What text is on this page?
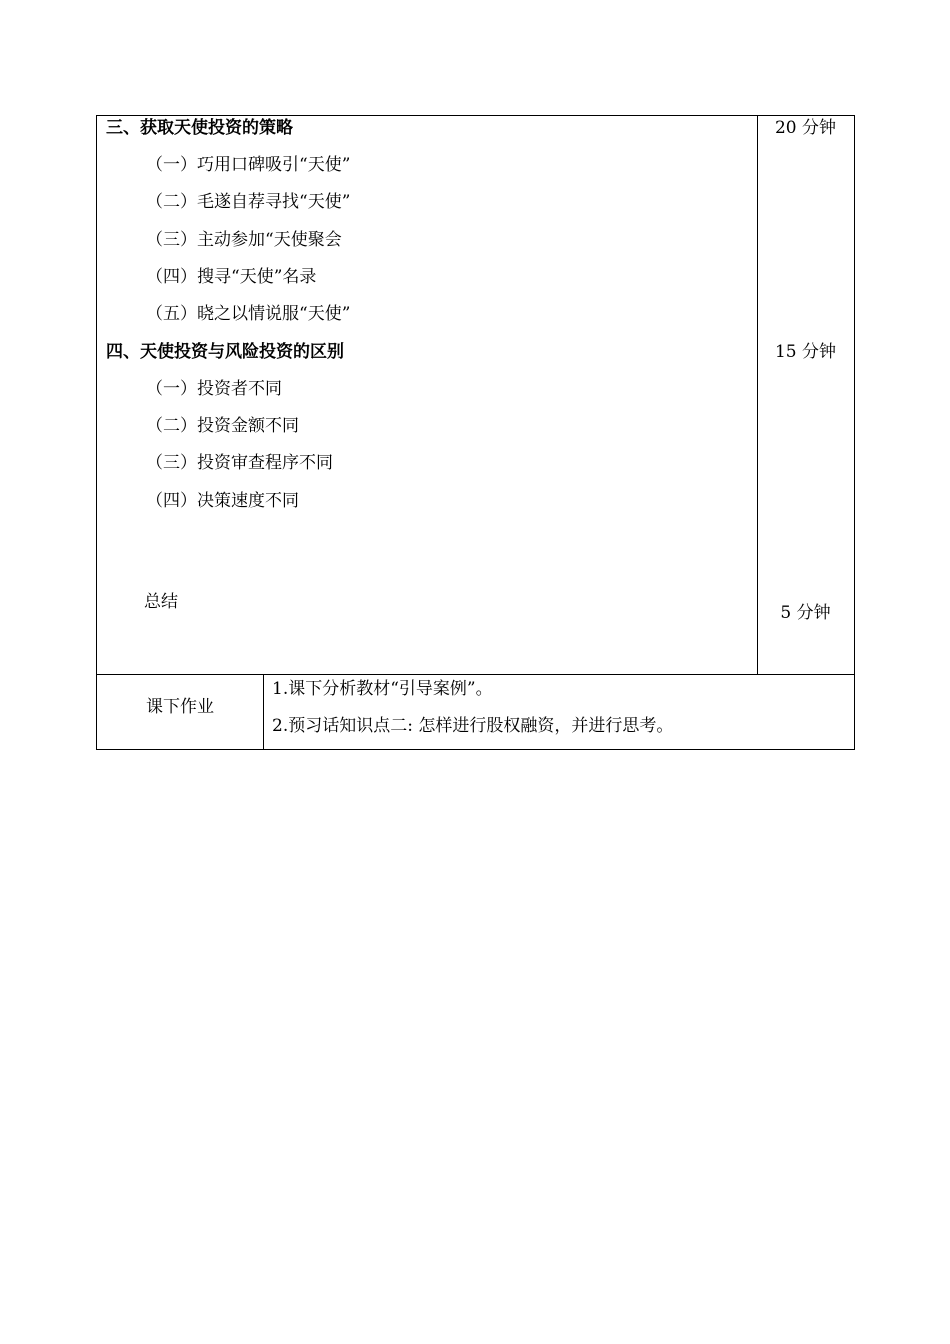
三、获取天使投资的策略
（一）巧用口碑吸引“天使”
（二）毛遂自荐寻找“天使”
（三）主动参加“天使聚会
（四）搜寻“天使”名录
（五）晓之以情说服“天使”
20 分钟
四、天使投资与风险投资的区别
（一）投资者不同
（二）投资金额不同
（三）投资审查程序不同
（四）决策速度不同
15 分钟
总结
5 分钟
课下作业
1.课下分析教材“引导案例”。
2.预习话知识点二: 怎样进行股权融资，并进行思考。
